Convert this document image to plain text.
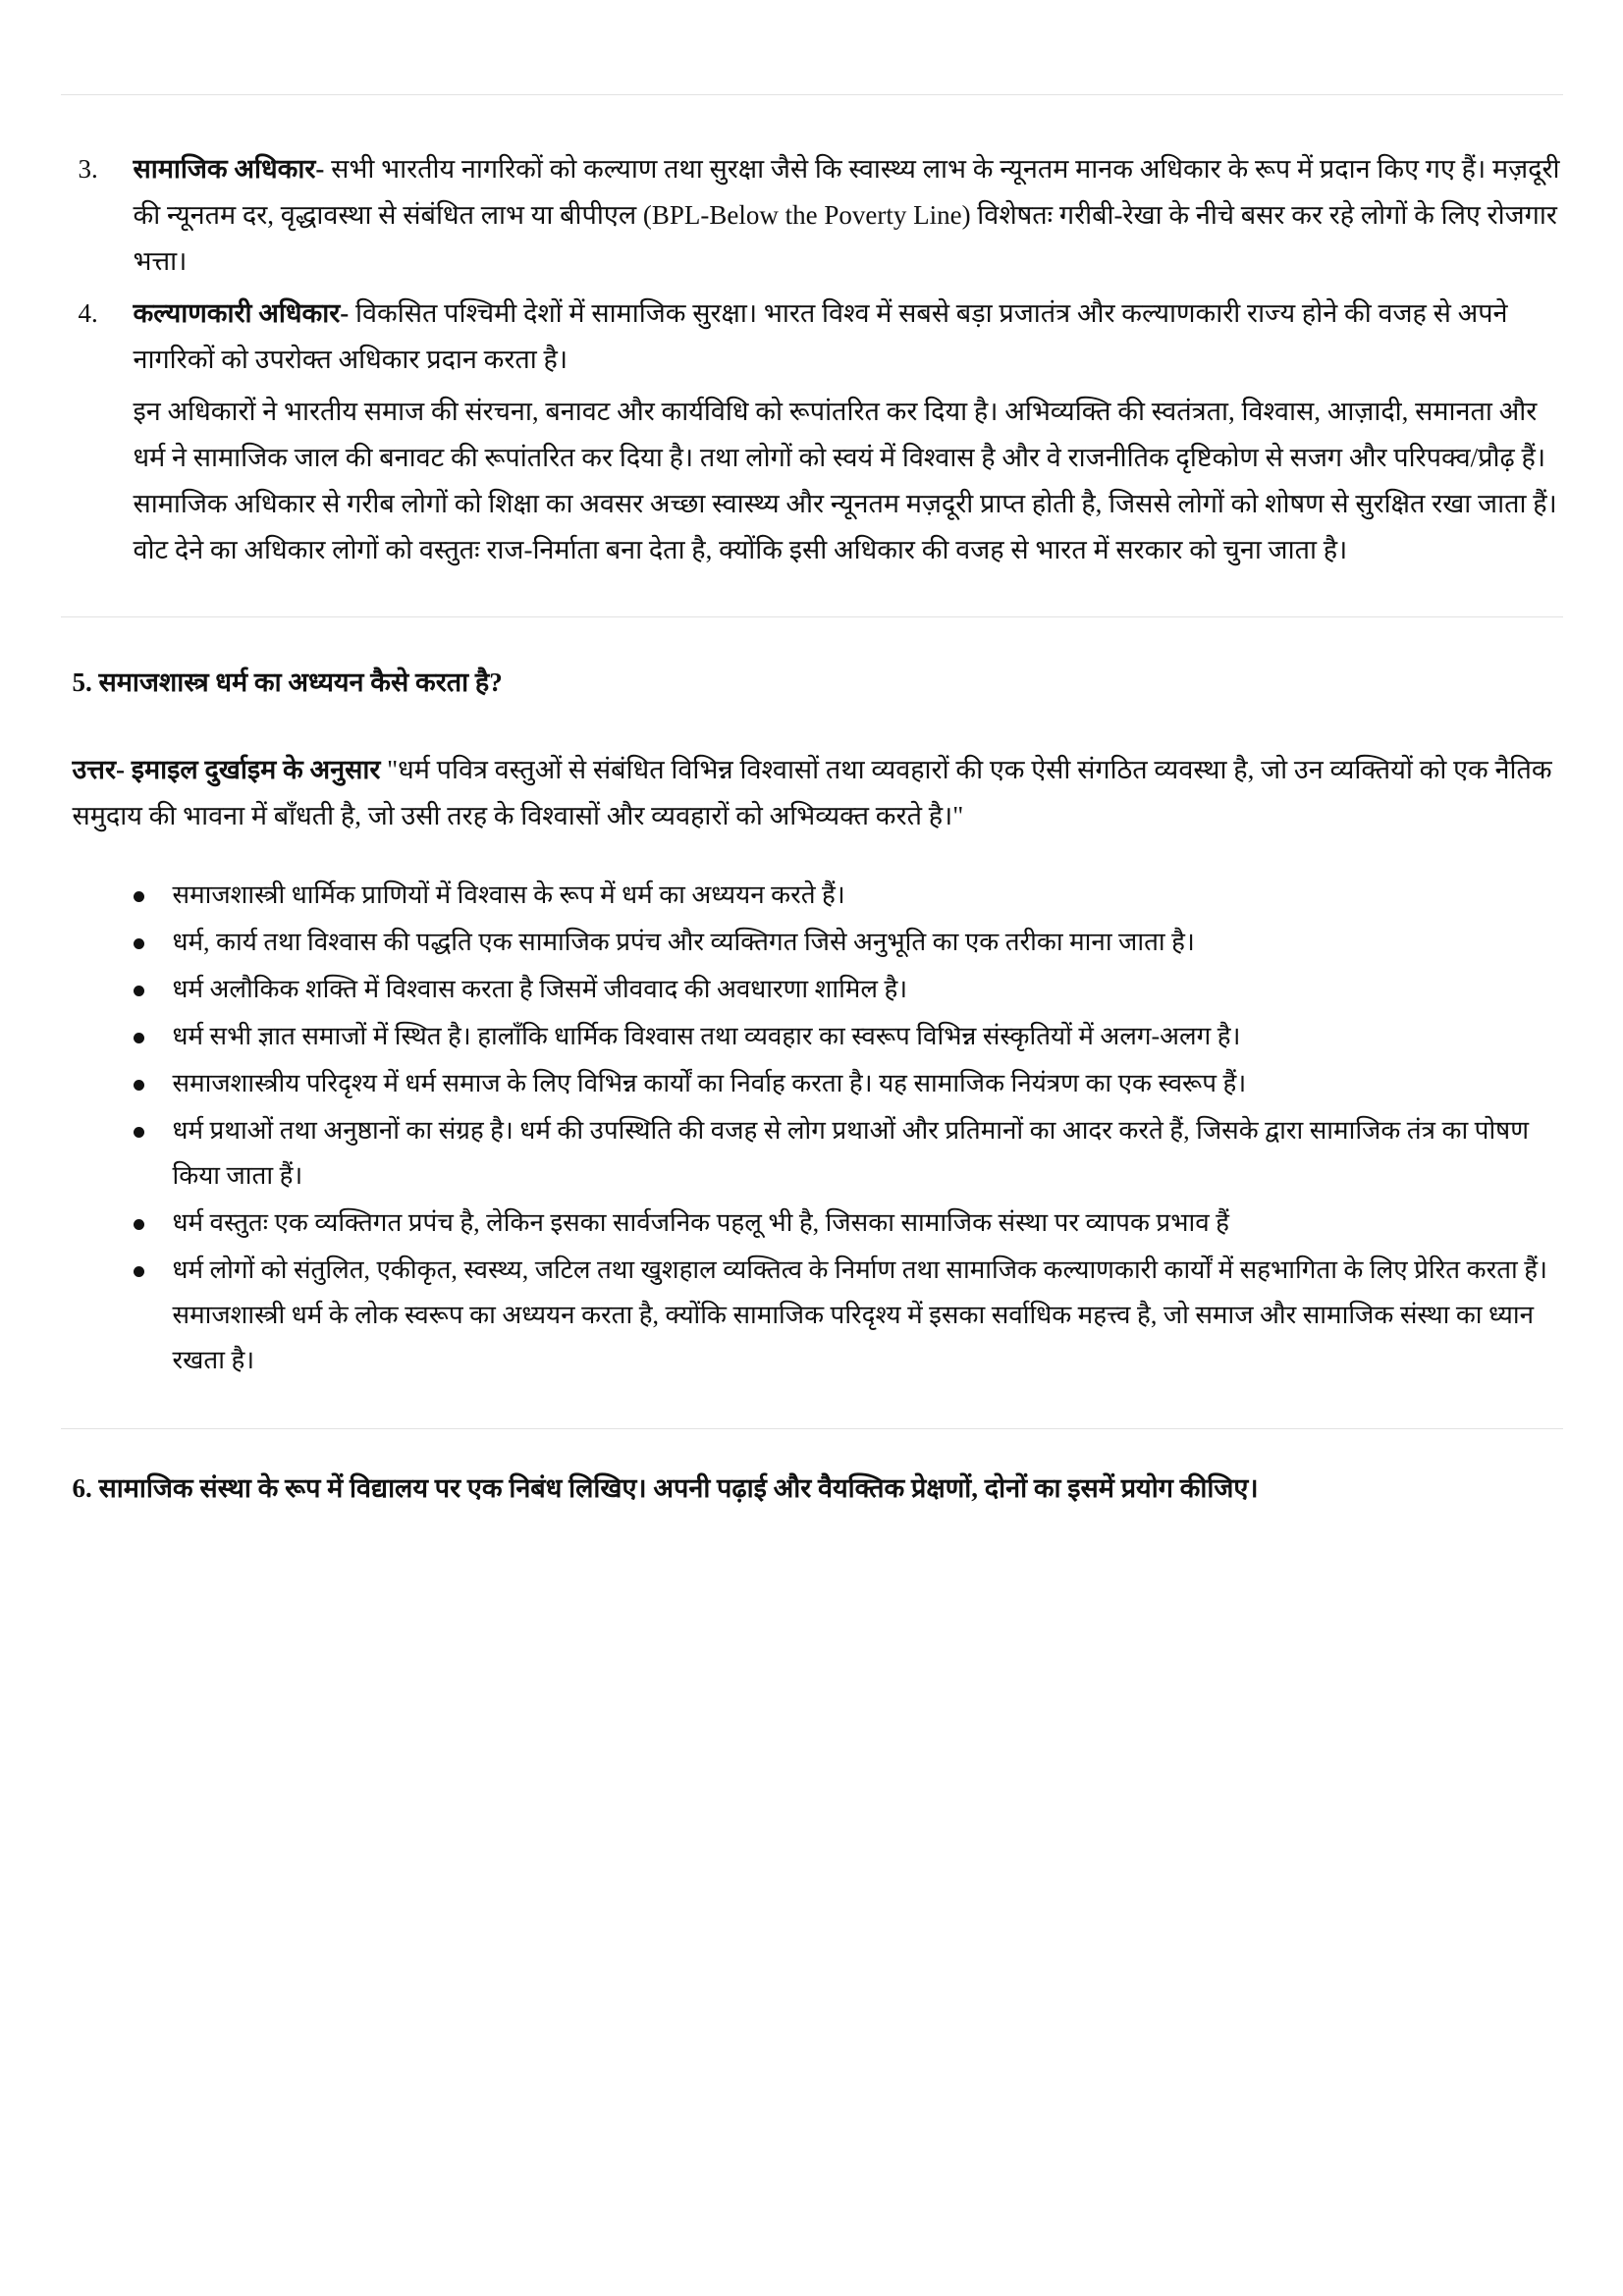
3. सामाजिक अधिकार- सभी भारतीय नागरिकों को कल्याण तथा सुरक्षा जैसे कि स्वास्थ्य लाभ के न्यूनतम मानक अधिकार के रूप में प्रदान किए गए हैं। मज़दूरी की न्यूनतम दर, वृद्धावस्था से संबंधित लाभ या बीपीएल (BPL-Below the Poverty Line) विशेषतः गरीबी-रेखा के नीचे बसर कर रहे लोगों के लिए रोजगार भत्ता।
4. कल्याणकारी अधिकार- विकसित पश्चिमी देशों में सामाजिक सुरक्षा। भारत विश्व में सबसे बड़ा प्रजातंत्र और कल्याणकारी राज्य होने की वजह से अपने नागरिकों को उपरोक्त अधिकार प्रदान करता है।

इन अधिकारों ने भारतीय समाज की संरचना, बनावट और कार्यविधि को रूपांतरित कर दिया है। अभिव्यक्ति की स्वतंत्रता, विश्वास, आज़ादी, समानता और धर्म ने सामाजिक जाल की बनावट की रूपांतरित कर दिया है। तथा लोगों को स्वयं में विश्वास है और वे राजनीतिक दृष्टिकोण से सजग और परिपक्व/प्रौढ़ हैं। सामाजिक अधिकार से गरीब लोगों को शिक्षा का अवसर अच्छा स्वास्थ्य और न्यूनतम मज़दूरी प्राप्त होती है, जिससे लोगों को शोषण से सुरक्षित रखा जाता हैं।

वोट देने का अधिकार लोगों को वस्तुतः राज-निर्माता बना देता है, क्योंकि इसी अधिकार की वजह से भारत में सरकार को चुना जाता है।

5. समाजशास्त्र धर्म का अध्ययन कैसे करता है?

उत्तर- इमाइल दुर्खाइम के अनुसार "धर्म पवित्र वस्तुओं से संबंधित विभिन्न विश्वासों तथा व्यवहारों की एक ऐसी संगठित व्यवस्था है, जो उन व्यक्तियों को एक नैतिक समुदाय की भावना में बाँधती है, जो उसी तरह के विश्वासों और व्यवहारों को अभिव्यक्त करते है।"

समाजशास्त्री धार्मिक प्राणियों में विश्वास के रूप में धर्म का अध्ययन करते हैं।
धर्म, कार्य तथा विश्वास की पद्धति एक सामाजिक प्रपंच और व्यक्तिगत जिसे अनुभूति का एक तरीका माना जाता है।
धर्म अलौकिक शक्ति में विश्वास करता है जिसमें जीववाद की अवधारणा शामिल है।
धर्म सभी ज्ञात समाजों में स्थित है। हालाँकि धार्मिक विश्वास तथा व्यवहार का स्वरूप विभिन्न संस्कृतियों में अलग-अलग है।
समाजशास्त्रीय परिदृश्य में धर्म समाज के लिए विभिन्न कार्यों का निर्वाह करता है। यह सामाजिक नियंत्रण का एक स्वरूप हैं।
धर्म प्रथाओं तथा अनुष्ठानों का संग्रह है। धर्म की उपस्थिति की वजह से लोग प्रथाओं और प्रतिमानों का आदर करते हैं, जिसके द्वारा सामाजिक तंत्र का पोषण किया जाता हैं।
धर्म वस्तुतः एक व्यक्तिगत प्रपंच है, लेकिन इसका सार्वजनिक पहलू भी है, जिसका सामाजिक संस्था पर व्यापक प्रभाव हैं
धर्म लोगों को संतुलित, एकीकृत, स्वस्थ्य, जटिल तथा खुशहाल व्यक्तित्व के निर्माण तथा सामाजिक कल्याणकारी कार्यों में सहभागिता के लिए प्रेरित करता हैं।
समाजशास्त्री धर्म के लोक स्वरूप का अध्ययन करता है, क्योंकि सामाजिक परिदृश्य में इसका सर्वाधिक महत्त्व है, जो समाज और सामाजिक संस्था का ध्यान रखता है।
6. सामाजिक संस्था के रूप में विद्यालय पर एक निबंध लिखिए। अपनी पढ़ाई और वैयक्तिक प्रेक्षणों, दोनों का इसमें प्रयोग कीजिए।
